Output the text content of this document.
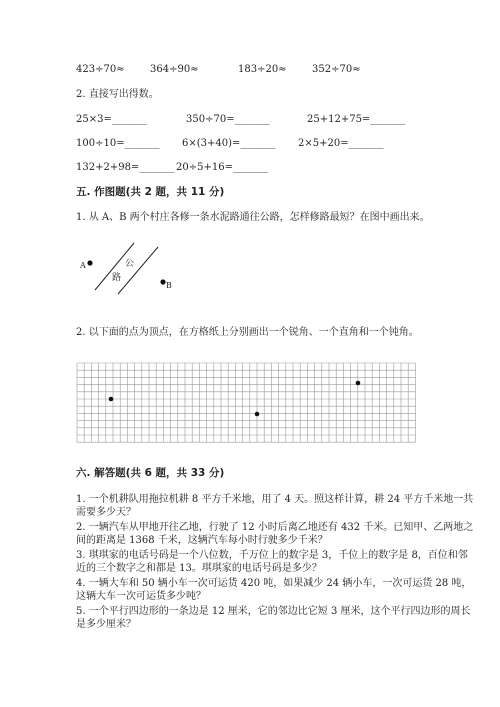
423÷70≈	364÷90≈	183÷20≈	352÷70≈
2. 直接写出得数。
25×3=_______	350÷70=_______	25+12+75=_______
100÷10=_______ 6×(3+40)=_______ 2×5+20=_______
132+2+98=_______ 20÷5+16=_______
五. 作图题(共 2 题，共 11 分)
1. 从 A、B 两个村庄各修一条水泥路通往公路，怎样修路最短？在图中画出来。
A
B
公
路
2. 以下面的点为顶点，在方格纸上分别画出一个锐角、一个直角和一个钝角。
六. 解答题(共 6 题，共 33 分)
1. 一个机耕队用拖拉机耕 8 平方千米地，用了 4 天。照这样计算，耕 24 平方千米地一共需要多少天？
2. 一辆汽车从甲地开往乙地，行驶了 12 小时后离乙地还有 432 千米。已知甲、乙两地之间的距离是 1368 千米，这辆汽车每小时行驶多少千米？
3. 琪琪家的电话号码是一个八位数，千万位上的数字是 3，千位上的数字是 8，百位和邻近的三个数字之和都是 13。琪琪家的电话号码是多少？
4. 一辆大车和 50 辆小车一次可运货 420 吨，如果减少 24 辆小车，一次可运货 28 吨，这辆大车一次可运货多少吨？
5. 一个平行四边形的一条边是 12 厘米，它的邻边比它短 3 厘米，这个平行四边形的周长是多少厘米？
